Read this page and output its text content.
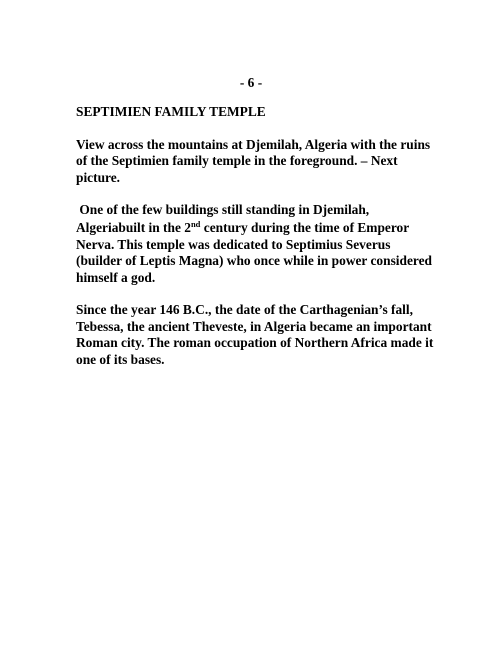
- 6 -

SEPTIMIEN FAMILY TEMPLE

View across the mountains at Djemilah, Algeria with the ruins
of the Septimien family temple in the foreground. – Next
picture.

One of the few buildings still standing in Djemilah,
Algeriabuilt in the 2nd century during the time of Emperor
Nerva. This temple was dedicated to Septimius Severus
(builder of Leptis Magna) who once while in power considered
himself a god.

Since the year 146 B.C., the date of the Carthagenian’s fall,
Tebessa, the ancient Theveste, in Algeria became an important
Roman city. The roman occupation of Northern Africa made it
one of its bases.
